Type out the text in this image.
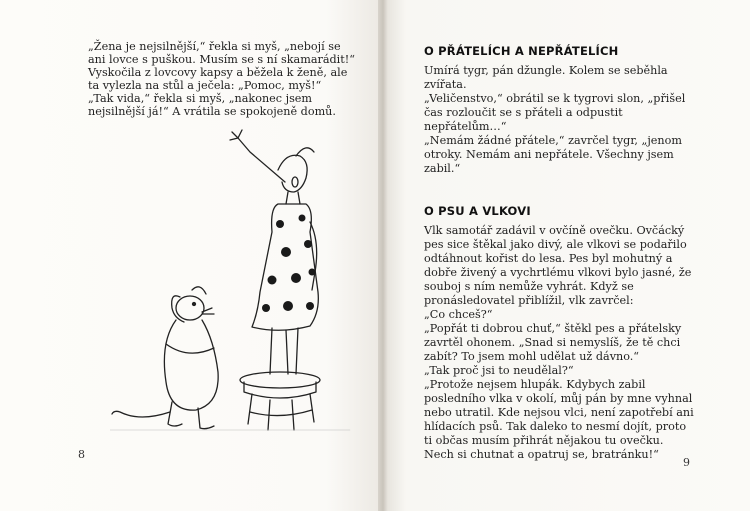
„Žena je nejsilnější,“ řekla si myš, „nebojí se ani lovce s puškou. Musím se s ní skamarádit!“ Vyskočila z lovcovy kapsy a běžela k ženě, ale ta vylezla na stůl a ječela: „Pomoc, myš!“

„Tak vida,“ řekla si myš, „nakonec jsem nejsilnější já!“ A vrátila se spokojeně domů.

8
O PŘÁTELÍCH A NEPŘÁTELÍCH

Umírá tygr, pán džungle. Kolem se seběhla zvířata.

„Veličenstvo,“ obrátil se k tygrovi slon, „přišel čas rozloučit se s přáteli a odpustit nepřátelům…“

„Nemám žádné přátele,“ zavrčel tygr, „jenom otroky. Nemám ani nepřátele. Všechny jsem zabil.“

O PSU A VLKOVI

Vlk samotář zadávil v ovčíně ovečku. Ovčácký pes sice štěkal jako divý, ale vlkovi se podařilo odtáhnout kořist do lesa. Pes byl mohutný a dobře živený a vychrtlému vlkovi bylo jasné, že souboj s ním nemůže vyhrát. Když se pronásledovatel přiblížil, vlk zavrčel:

„Co chceš?“

„Popřát ti dobrou chuť,“ štěkl pes a přátelsky zavrtěl ohonem. „Snad si nemyslíš, že tě chci zabít? To jsem mohl udělat už dávno.“

„Tak proč jsi to neudělal?“

„Protože nejsem hlupák. Kdybych zabil posledního vlka v okolí, můj pán by mne vyhnal nebo utratil. Kde nejsou vlci, není zapotřebí ani hlídacích psů. Tak daleko to nesmí dojít, proto ti občas musím přihrát nějakou tu ovečku. Nech si chutnat a opatruj se, bratránku!“

9
